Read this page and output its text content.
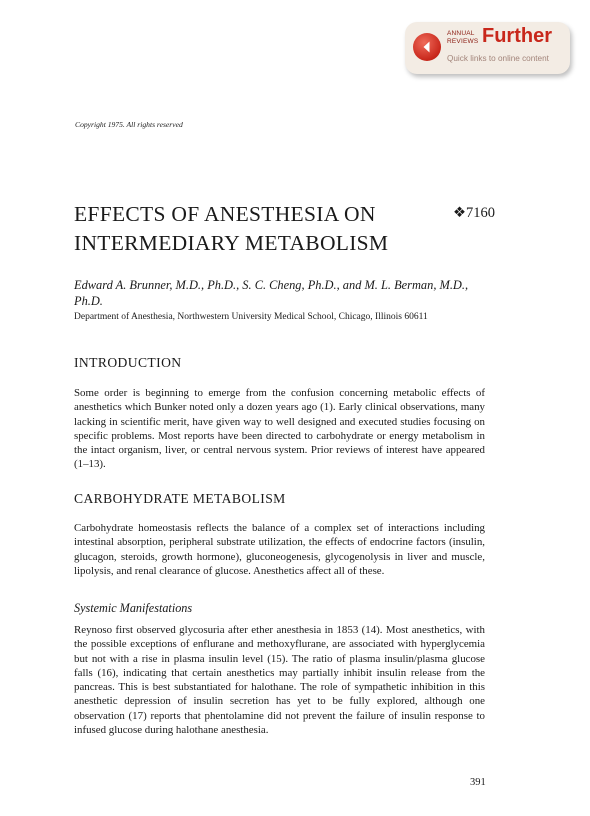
ANNUAL
REVIEWS Further
Quick links to online content
Copyright 1975. All rights reserved
EFFECTS OF ANESTHESIA ON INTERMEDIARY METABOLISM
❖7160
Edward A. Brunner, M.D., Ph.D., S. C. Cheng, Ph.D., and M. L. Berman, M.D., Ph.D.
Department of Anesthesia, Northwestern University Medical School, Chicago, Illinois 60611
INTRODUCTION

Some order is beginning to emerge from the confusion concerning metabolic effects of anesthetics which Bunker noted only a dozen years ago (1). Early clinical observations, many lacking in scientific merit, have given way to well designed and executed studies focusing on specific problems. Most reports have been directed to carbohydrate or energy metabolism in the intact organism, liver, or central nervous system. Prior reviews of interest have appeared (1–13).

CARBOHYDRATE METABOLISM

Carbohydrate homeostasis reflects the balance of a complex set of interactions including intestinal absorption, peripheral substrate utilization, the effects of endocrine factors (insulin, glucagon, steroids, growth hormone), gluconeogenesis, glycogenolysis in liver and muscle, lipolysis, and renal clearance of glucose. Anesthetics affect all of these.

Systemic Manifestations

Reynoso first observed glycosuria after ether anesthesia in 1853 (14). Most anesthetics, with the possible exceptions of enflurane and methoxyflurane, are associated with hyperglycemia but not with a rise in plasma insulin level (15). The ratio of plasma insulin/plasma glucose falls (16), indicating that certain anesthetics may partially inhibit insulin release from the pancreas. This is best substantiated for halothane. The role of sympathetic inhibition in this anesthetic depression of insulin secretion has yet to be fully explored, although one observation (17) reports that phentolamine did not prevent the failure of insulin response to infused glucose during halothane anesthesia.

391
